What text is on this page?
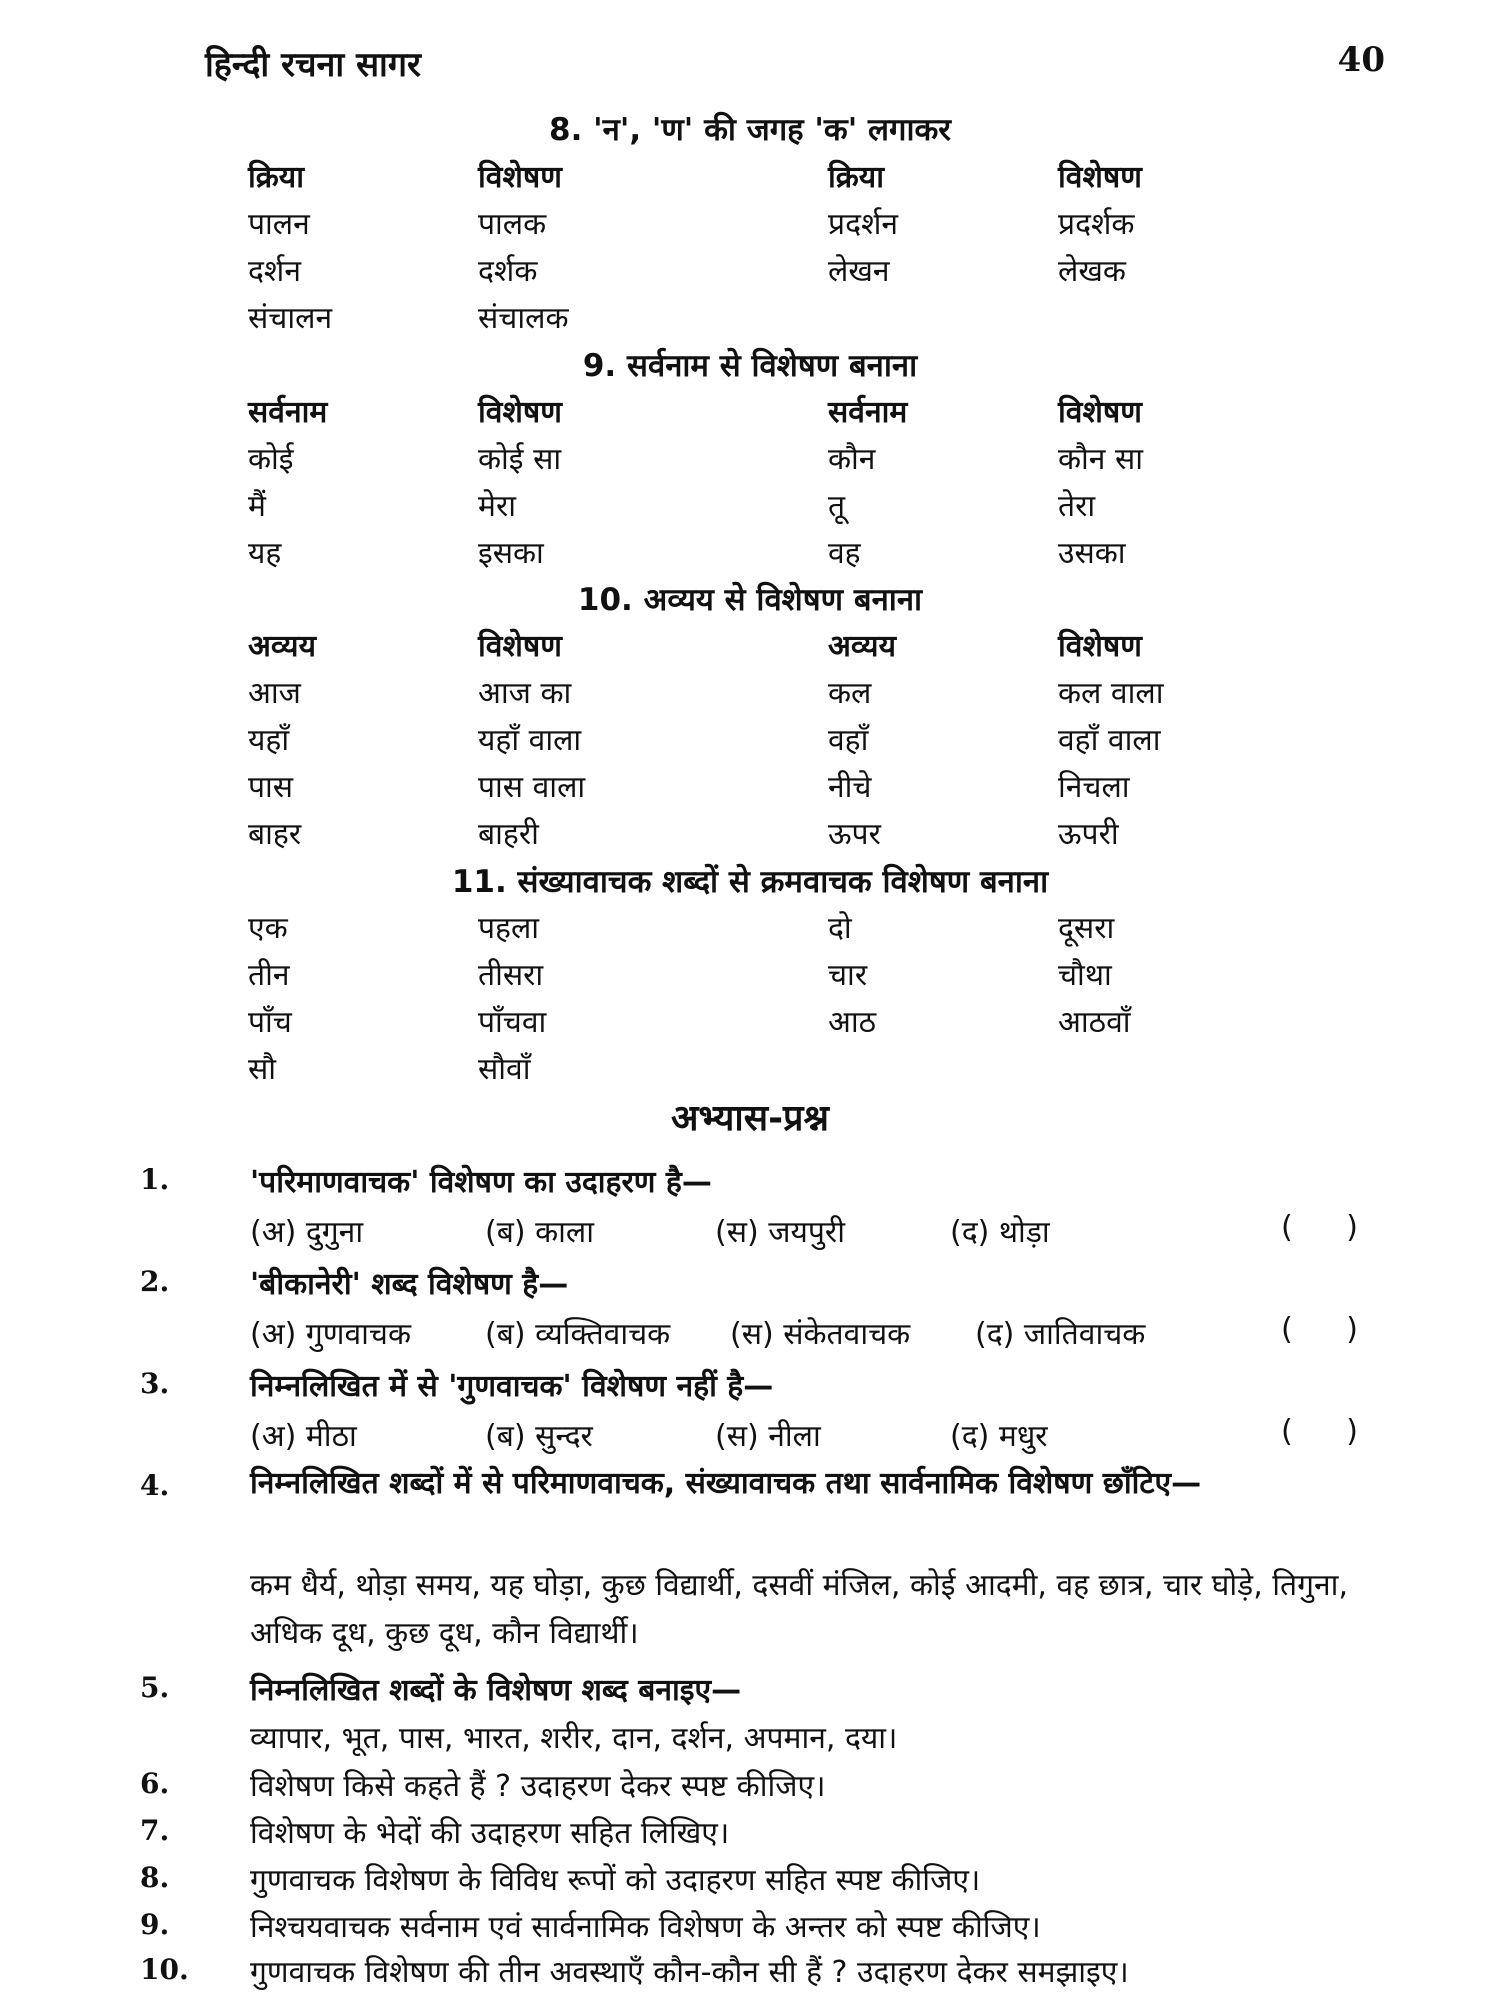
हिन्दी रचना सागर	40
8. 'न', 'ण' की जगह 'क' लगाकर
क्रिया	विशेषण	क्रिया	विशेषण
पालन	पालक	प्रदर्शन	प्रदर्शक
दर्शन	दर्शक	लेखन	लेखक
संचालन	संचालक
9. सर्वनाम से विशेषण बनाना
सर्वनाम	विशेषण	सर्वनाम	विशेषण
कोई	कोई सा	कौन	कौन सा
मैं	मेरा	तू	तेरा
यह	इसका	वह	उसका
10. अव्यय से विशेषण बनाना
अव्यय	विशेषण	अव्यय	विशेषण
आज	आज का	कल	कल वाला
यहाँ	यहाँ वाला	वहाँ	वहाँ वाला
पास	पास वाला	नीचे	निचला
बाहर	बाहरी	ऊपर	ऊपरी
11. संख्यावाचक शब्दों से क्रमवाचक विशेषण बनाना
एक	पहला	दो	दूसरा
तीन	तीसरा	चार	चौथा
पाँच	पाँचवा	आठ	आठवाँ
सौ	सौवाँ
अभ्यास-प्रश्न
1.	'परिमाणवाचक' विशेषण का उदाहरण है—
(अ) दुगुना	(ब) काला	(स) जयपुरी	(द) थोड़ा	( )
2.	'बीकानेरी' शब्द विशेषण है—
(अ) गुणवाचक (ब) व्यक्तिवाचक (स) संकेतवाचक (द) जातिवाचक	( )
3.	निम्नलिखित में से 'गुणवाचक' विशेषण नहीं है—
(अ) मीठा	(ब) सुन्दर	(स) नीला	(द) मधुर	( )
4.	निम्नलिखित शब्दों में से परिमाणवाचक, संख्यावाचक तथा सार्वनामिक विशेषण छाँटिए—
कम धैर्य, थोड़ा समय, यह घोड़ा, कुछ विद्यार्थी, दसवीं मंजिल, कोई आदमी, वह छात्र, चार घोड़े, तिगुना, अधिक दूध, कुछ दूध, कौन विद्यार्थी।
5.	निम्नलिखित शब्दों के विशेषण शब्द बनाइए—
व्यापार, भूत, पास, भारत, शरीर, दान, दर्शन, अपमान, दया।
6.	विशेषण किसे कहते हैं ? उदाहरण देकर स्पष्ट कीजिए।
7.	विशेषण के भेदों की उदाहरण सहित लिखिए।
8.	गुणवाचक विशेषण के विविध रूपों को उदाहरण सहित स्पष्ट कीजिए।
9.	निश्चयवाचक सर्वनाम एवं सार्वनामिक विशेषण के अन्तर को स्पष्ट कीजिए।
10. गुणवाचक विशेषण की तीन अवस्थाएँ कौन-कौन सी हैं ? उदाहरण देकर समझाइए।
